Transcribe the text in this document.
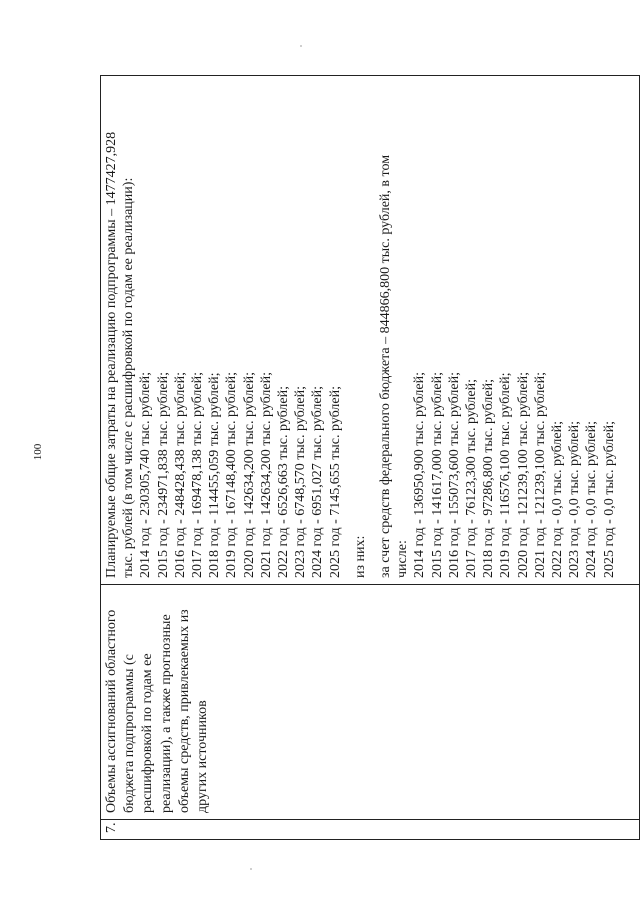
100
7.
Объемы ассигнований областного бюджета подпрограммы (с расшифровкой по годам ее реализации), а также прогнозные объемы средств, привлекаемых из других источников
Планируемые общие затраты на реализацию подпрограммы – 1477427,928 тыс. рублей (в том числе с расшифровкой по годам ее реализации): 2014 год - 230305,740 тыс. рублей; 2015 год - 234971,838 тыс. рублей; 2016 год - 248428,438 тыс. рублей; 2017 год - 169478,138 тыс. рублей; 2018 год - 114455,059 тыс. рублей; 2019 год - 167148,400 тыс. рублей; 2020 год - 142634,200 тыс. рублей; 2021 год - 142634,200 тыс. рублей; 2022 год - 6526,663 тыс. рублей; 2023 год - 6748,570 тыс. рублей; 2024 год - 6951,027 тыс. рублей; 2025 год - 7145,655 тыс. рублей; из них: за счет средств федерального бюджета – 844866,800 тыс. рублей, в том числе: 2014 год - 136950,900 тыс. рублей; 2015 год - 141617,000 тыс. рублей; 2016 год - 155073,600 тыс. рублей; 2017 год - 76123,300 тыс. рублей; 2018 год - 97286,800 тыс. рублей; 2019 год - 116576,100 тыс. рублей; 2020 год - 121239,100 тыс. рублей; 2021 год - 121239,100 тыс. рублей; 2022 год - 0,0 тыс. рублей; 2023 год - 0,0 тыс. рублей; 2024 год - 0,0 тыс. рублей; 2025 год - 0,0 тыс. рублей;
